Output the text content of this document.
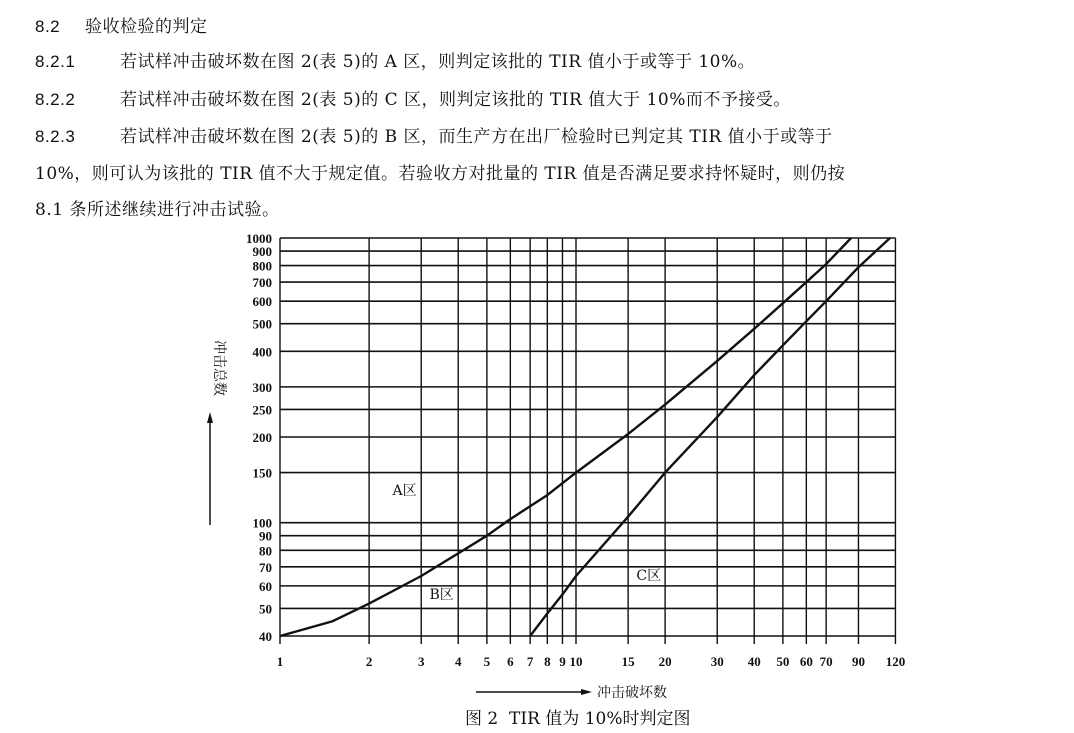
8.2 验收检验的判定
8.2.1	若试样冲击破坏数在图 2(表 5)的 A 区，则判定该批的 TIR 值小于或等于 10%。
8.2.2	若试样冲击破坏数在图 2(表 5)的 C 区，则判定该批的 TIR 值大于 10%而不予接受。
8.2.3	若试样冲击破坏数在图 2(表 5)的 B 区，而生产方在出厂检验时已判定其 TIR 值小于或等于
10%，则可认为该批的 TIR 值不大于规定值。若验收方对批量的 TIR 值是否满足要求持怀疑时，则仍按
8.1 条所述继续进行冲击试验。
1	2	3 4 5 6 7 8 9 10	15 20	30 40 50 60 70 90 120
40
50
60
70
80
90
100
150
200
250
300
400
500
600
700
800
900
1000
A区
B区
C区
冲击总数
冲击破坏数
图 2  TIR 值为 10%时判定图
